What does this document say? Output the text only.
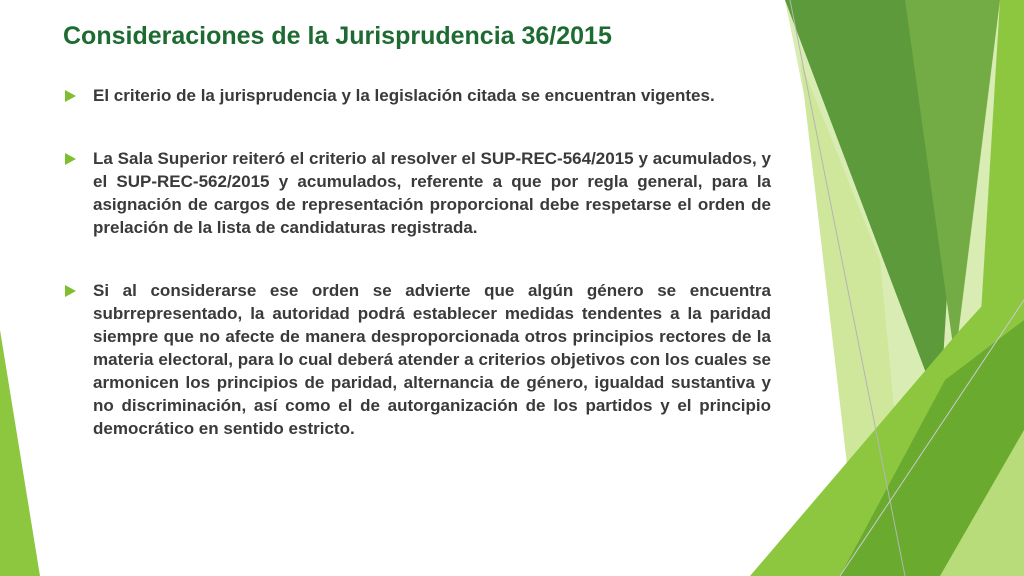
Consideraciones de la Jurisprudencia 36/2015
El criterio de la jurisprudencia y la legislación citada se encuentran vigentes.
La Sala Superior reiteró el criterio al resolver el SUP-REC-564/2015 y acumulados, y el SUP-REC-562/2015 y acumulados, referente a que por regla general, para la asignación de cargos de representación proporcional debe respetarse el orden de prelación de la lista de candidaturas registrada.
Si al considerarse ese orden se advierte que algún género se encuentra subrrepresentado, la autoridad podrá establecer medidas tendentes a la paridad siempre que no afecte de manera desproporcionada otros principios rectores de la materia electoral, para lo cual deberá atender a criterios objetivos con los cuales se armonicen los principios de paridad, alternancia de género, igualdad sustantiva y no discriminación, así como el de autorganización de los partidos y el principio democrático en sentido estricto.
